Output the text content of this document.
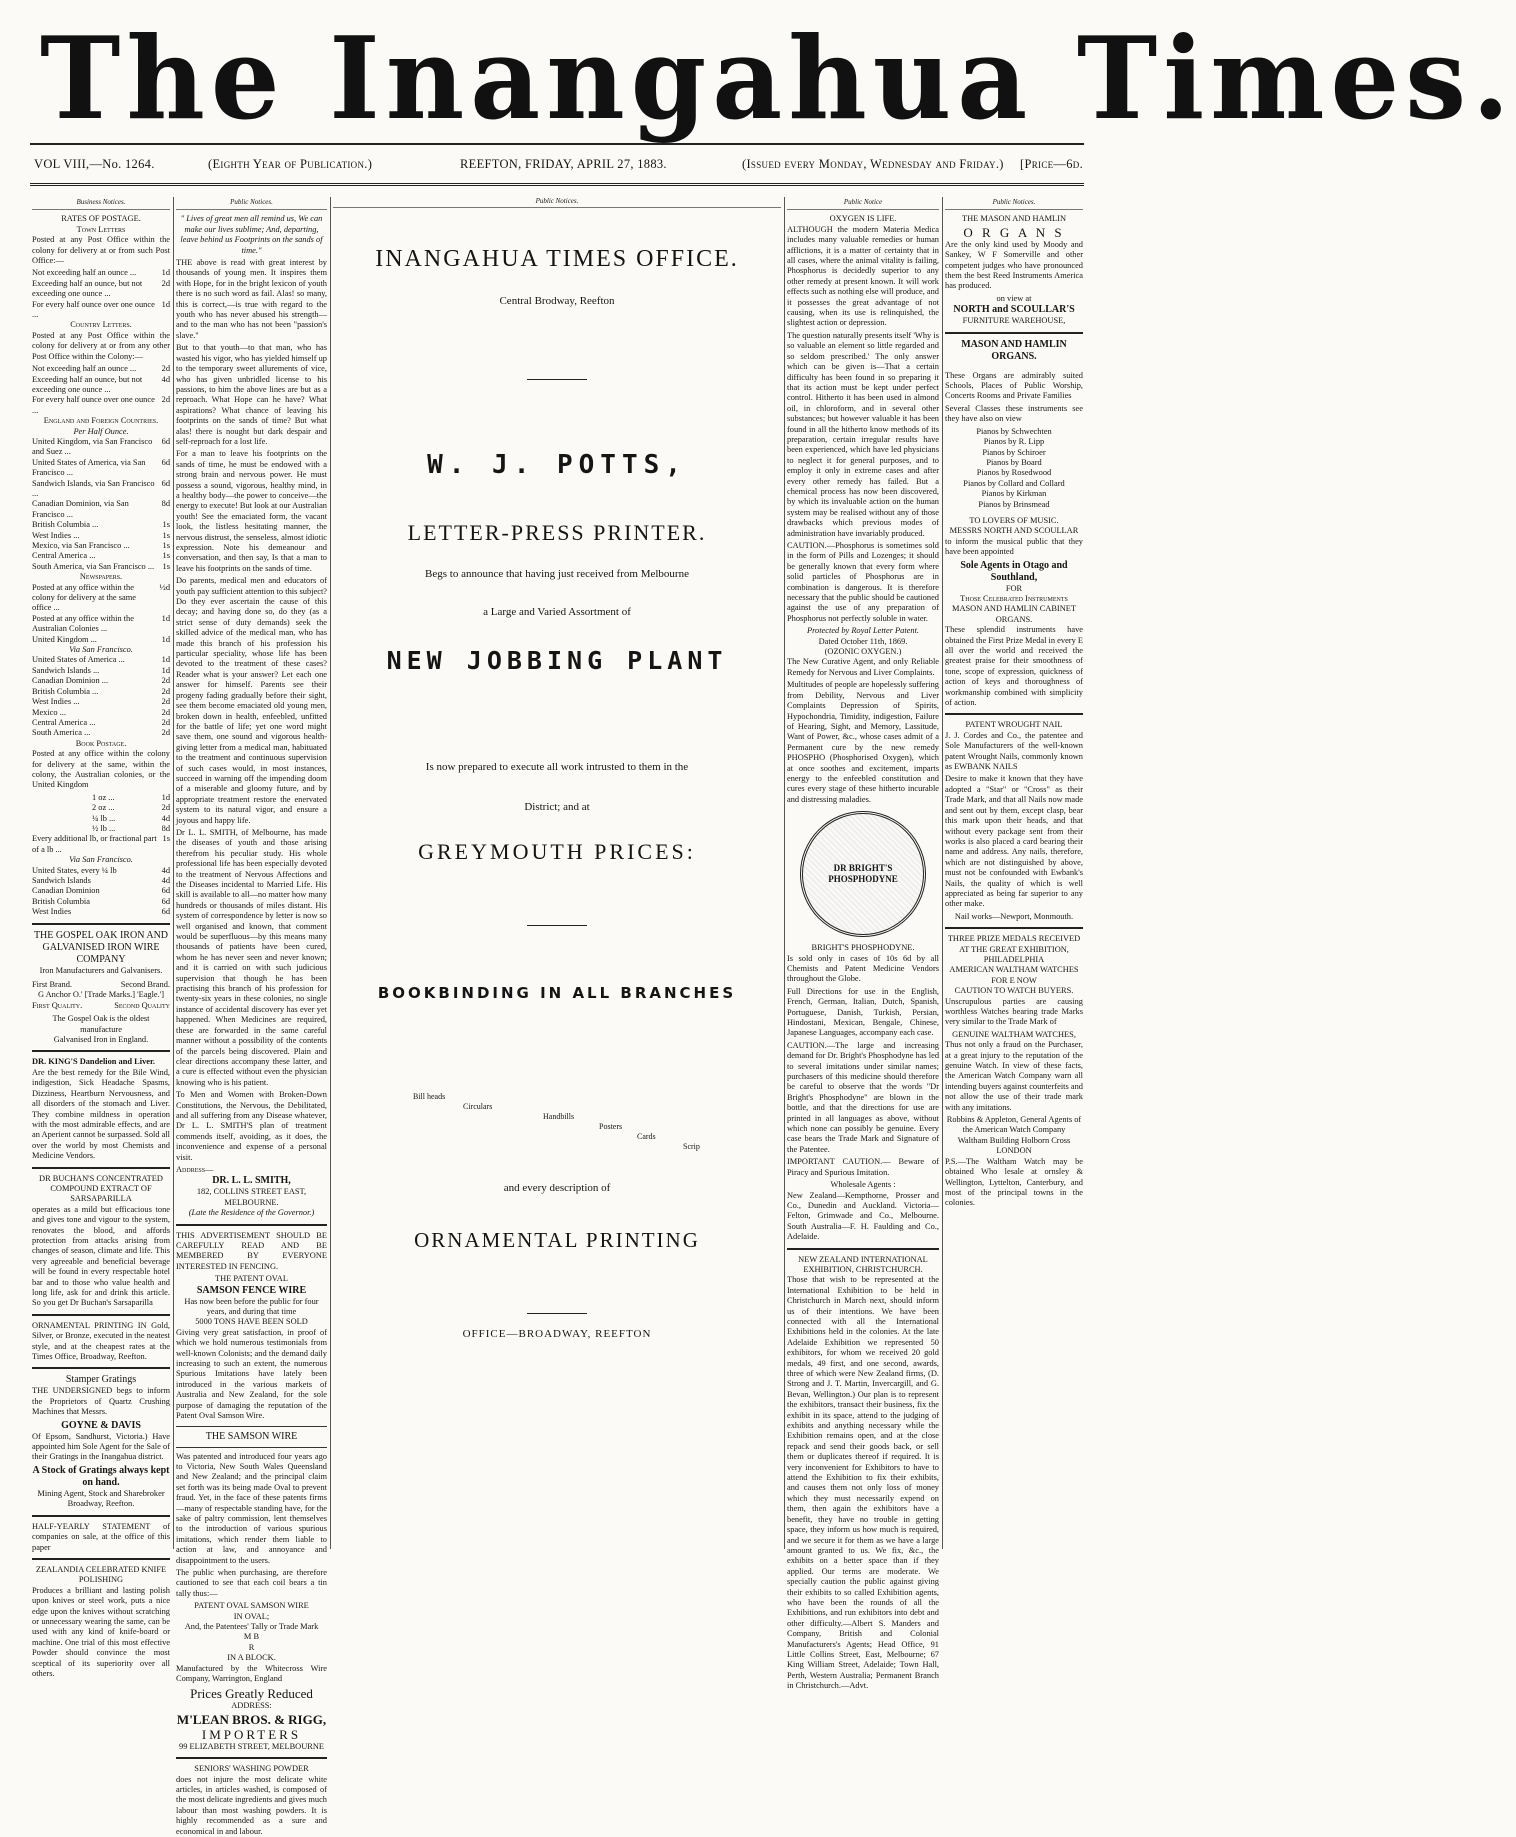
The Inangahua Times.
VOL VIII,—No. 1264.	(Eighth Year of Publication.)	REEFTON, FRIDAY, APRIL 27, 1883.	(Issued every Monday, Wednesday and Friday.) [Price—6d.
Business Notices.
RATES OF POSTAGE.
Town Letters

Posted at any Post Office within the colony for delivery at or from such Post Office:—

Not exceeding half an ounce ...	1d
Exceeding half an ounce, but not exceeding one ounce ...
2d
For every half ounce over one ounce ...
1d
Country Letters.

Posted at any Post Office within the colony for delivery at or from any other Post Office within the Colony:—

Not exceeding half an ounce ...	2d
Exceeding half an ounce, but not exceeding one ounce ...
4d
For every half ounce over one ounce ...
2d
England and Foreign Countries.
Per Half Ounce.
United Kingdom, via San Francisco and Suez ...
6d
United States of America, via San Francisco ...
6d
Sandwich Islands, via San Francisco ...
6d
Canadian Dominion, via San Francisco ...
8d
British Columbia ...	1s
West Indies ...	1s
Mexico, via San Francisco ...	1s
Central America ...	1s
South America, via San Francisco ...	1s
Newspapers.
Posted at any office within the colony for delivery at the same office ...
½d
Posted at any office within the Australian Colonies ...
1d
United Kingdom ...	1d
Via San Francisco.
United States of America ...	1d
Sandwich Islands ...	1d
Canadian Dominion ...	2d
British Columbia ...	2d
West Indies ...	2d
Mexico ...	2d
Central America ...	2d
South America ...	2d
Book Postage.

Posted at any office within the colony for delivery at the same, within the colony, the Australian colonies, or the United Kingdom

1 oz ...	1d
2 oz ...	2d
¼ lb ...	4d
½ lb ...	8d
Every additional lb, or fractional part of a lb ...
1s
Via San Francisco.
United States, every ¼ lb	4d
Sandwich Islands	4d
Canadian Dominion	6d
British Columbia	6d
West Indies	6d
THE GOSPEL OAK IRON AND GALVANISED IRON WIRE COMPANY
Iron Manufacturers and Galvanisers.
First Brand.	Second Brand.
G Anchor O.' [Trade Marks.] 'Eagle.']
First Quality.	Second Quality
The Gospel Oak is the oldest manufacture
Galvanised Iron in England.
DR. KING'S Dandelion and Liver.

Are the best remedy for the Bile Wind, indigestion, Sick Headache Spasms, Dizziness, Heartburn Nervousness, and all disorders of the stomach and Liver. They combine mildness in operation with the most admirable effects, and are an Aperient cannot be surpassed. Sold all over the world by most Chemists and Medicine Vendors.

DR BUCHAN'S CONCENTRATED COMPOUND EXTRACT OF SARSAPARILLA

operates as a mild but efficacious tone and gives tone and vigour to the system, renovates the blood, and affords protection from attacks arising from changes of season, climate and life. This very agreeable and beneficial beverage will be found in every respectable hotel bar and to those who value health and long life, ask for and drink this article. So you get Dr Buchan's Sarsaparilla

ORNAMENTAL PRINTING IN Gold, Silver, or Bronze, executed in the neatest style, and at the cheapest rates at the Times Office, Broadway, Reefton.

Stamper Gratings

THE UNDERSIGNED begs to inform the Proprietors of Quartz Crushing Machines that Messrs.

GOYNE & DAVIS

Of Epsom, Sandhurst, Victoria.) Have appointed him Sole Agent for the Sale of their Gratings in the Inangahua district.

A Stock of Gratings always kept on hand.
Mining Agent, Stock and Sharebroker Broadway, Reefton.

HALF-YEARLY STATEMENT of companies on sale, at the office of this paper

ZEALANDIA CELEBRATED KNIFE POLISHING

Produces a brilliant and lasting polish upon knives or steel work, puts a nice edge upon the knives without scratching or unnecessary wearing the same, can be used with any kind of knife-board or machine. One trial of this most effective Powder should convince the most sceptical of its superiority over all others.

Public Notices.

" Lives of great men all remind us, We can make our lives sublime; And, departing, leave behind us Footprints on the sands of time."

THE above is read with great interest by thousands of young men. It inspires them with Hope, for in the bright lexicon of youth there is no such word as fail. Alas! so many, this is correct,—is true with regard to the youth who has never abused his strength—and to the man who has not been "passion's slave."

But to that youth—to that man, who has wasted his vigor, who has yielded himself up to the temporary sweet allurements of vice, who has given unbridled license to his passions, to him the above lines are but as a reproach. What Hope can he have? What aspirations? What chance of leaving his footprints on the sands of time? But what alas! there is nought but dark despair and self-reproach for a lost life.

For a man to leave his footprints on the sands of time, he must be endowed with a strong brain and nervous power. He must possess a sound, vigorous, healthy mind, in a healthy body—the power to conceive—the energy to execute! But look at our Australian youth! See the emaciated form, the vacant look, the listless hesitating manner, the nervous distrust, the senseless, almost idiotic expression. Note his demeanour and conversation, and then say, Is that a man to leave his footprints on the sands of time.

Do parents, medical men and educators of youth pay sufficient attention to this subject? Do they ever ascertain the cause of this decay; and having done so, do they (as a strict sense of duty demands) seek the skilled advice of the medical man, who has made this branch of his profession his particular speciality, whose life has been devoted to the treatment of these cases? Reader what is your answer? Let each one answer for himself. Parents see their progeny fading gradually before their sight, see them become emaciated old young men, broken down in health, enfeebled, unfitted for the battle of life; yet one word might save them, one sound and vigorous health-giving letter from a medical man, habituated to the treatment and continuous supervision of such cases would, in most instances, succeed in warning off the impending doom of a miserable and gloomy future, and by appropriate treatment restore the enervated system to its natural vigor, and ensure a joyous and happy life.

Dr L. L. SMITH, of Melbourne, has made the diseases of youth and those arising therefrom his peculiar study. His whole professional life has been especially devoted to the treatment of Nervous Affections and the Diseases incidental to Married Life. His skill is available to all—no matter how many hundreds or thousands of miles distant. His system of correspondence by letter is now so well organised and known, that comment would be superfluous—by this means many thousands of patients have been cured, whom he has never seen and never known; and it is carried on with such judicious supervision that though he has been practising this branch of his profession for twenty-six years in these colonies, no single instance of accidental discovery has ever yet happened. When Medicines are required, these are forwarded in the same careful manner without a possibility of the contents of the parcels being discovered. Plain and clear directions accompany these latter, and a cure is effected without even the physician knowing who is his patient.

To Men and Women with Broken-Down Constitutions, the Nervous, the Debilitated, and all suffering from any Disease whatever, Dr L. L. SMITH'S plan of treatment commends itself, avoiding, as it does, the inconvenience and expense of a personal visit.

Address—
DR. L. L. SMITH,
182, COLLINS STREET EAST, MELBOURNE.
(Late the Residence of the Governor.)

THIS ADVERTISEMENT SHOULD BE CAREFULLY READ AND BE MEMBERED BY EVERYONE INTERESTED IN FENCING.

THE PATENT OVAL
SAMSON FENCE WIRE
Has now been before the public for four years, and during that time
5000 TONS HAVE BEEN SOLD

Giving very great satisfaction, in proof of which we hold numerous testimonials from well-known Colonists; and the demand daily increasing to such an extent, the numerous Spurious Imitations have lately been introduced in the various markets of Australia and New Zealand, for the sole purpose of damaging the reputation of the Patent Oval Samson Wire.

THE SAMSON WIRE

Was patented and introduced four years ago to Victoria, New South Wales Queensland and New Zealand; and the principal claim set forth was its being made Oval to prevent fraud. Yet, in the face of these patents firms—many of respectable standing have, for the sake of paltry commission, lent themselves to the introduction of various spurious imitations, which render them liable to action at law, and annoyance and disappointment to the users.

The public when purchasing, are therefore cautioned to see that each coil bears a tin tally thus:—

PATENT OVAL SAMSON WIRE
IN OVAL;
And, the Patentees' Tally or Trade Mark
M B
R
IN A BLOCK.

Manufactured by the Whitecross Wire Company, Warrington, England

Prices Greatly Reduced
ADDRESS:
M'LEAN BROS. & RIGG,
IMPORTERS
99 ELIZABETH STREET, MELBOURNE
SENIORS' WASHING POWDER

does not injure the most delicate white articles, in articles washed, is composed of the most delicate ingredients and gives much labour than most washing powders. It is highly recommended as a sure and economical in and labour.

Public Notices.
INANGAHUA TIMES OFFICE.
Central Brodway, Reefton
W. J. POTTS,
LETTER-PRESS PRINTER.
Begs to announce that having just received from Melbourne
a Large and Varied Assortment of
NEW JOBBING PLANT
Is now prepared to execute all work intrusted to them in the
District; and at
GREYMOUTH PRICES:
BOOKBINDING IN ALL BRANCHES
Bill heads
Circulars
Handbills
Posters
Cards
Scrip
and every description of
ORNAMENTAL PRINTING
OFFICE—BROADWAY, REEFTON
Public Notice
OXYGEN IS LIFE.

ALTHOUGH the modern Materia Medica includes many valuable remedies or human afflictions, it is a matter of certainty that in all cases, where the animal vitality is failing, Phosphorus is decidedly superior to any other remedy at present known. It will work effects such as nothing else will produce, and it possesses the great advantage of not causing, when its use is relinquished, the slightest action or depression.

The question naturally presents itself 'Why is so valuable an element so little regarded and so seldom prescribed.' The only answer which can be given is—That a certain difficulty has been found in so preparing it that its action must be kept under perfect control. Hitherto it has been used in almond oil, in chloroform, and in several other substances; but however valuable it has been found in all the hitherto know methods of its preparation, certain irregular results have been experienced, which have led physicians to neglect it for general purposes, and to employ it only in extreme cases and after every other remedy has failed. But a chemical process has now been discovered, by which its invaluable action on the human system may be realised without any of those drawbacks which previous modes of administration have invariably produced.

CAUTION.—Phosphorus is sometimes sold in the form of Pills and Lozenges; it should be generally known that every form where solid particles of Phosphorus are in combination is dangerous. It is therefore necessary that the public should be cautioned against the use of any preparation of Phosphorus not perfectly soluble in water.

Protected by Royal Letter Patent.
Dated October 11th, 1869.
(OZONIC OXYGEN.)

The New Curative Agent, and only Reliable Remedy for Nervous and Liver Complaints.

Multitudes of people are hopelessly suffering from Debility, Nervous and Liver Complaints Depression of Spirits, Hypochondria, Timidity, indigestion, Failure of Hearing, Sight, and Memory, Lassitude, Want of Power, &c., whose cases admit of a Permanent cure by the new remedy PHOSPHO (Phosphorised Oxygen), which at once soothes and excitement, imparts energy to the enfeebled constitution and cures every stage of these hitherto incurable and distressing maladies.

DR BRIGHT'S PHOSPHODYNE
BRIGHT'S PHOSPHODYNE.

Is sold only in cases of 10s 6d by all Chemists and Patent Medicine Vendors throughout the Globe.

Full Directions for use in the English, French, German, Italian, Dutch, Spanish, Portuguese, Danish, Turkish, Persian, Hindostani, Mexican, Bengale, Chinese, Japanese Languages, accompany each case.

CAUTION.—The large and increasing demand for Dr. Bright's Phosphodyne has led to several imitations under similar names; purchasers of this medicine should therefore be careful to observe that the words "Dr Bright's Phosphodyne" are blown in the bottle, and that the directions for use are printed in all languages as above, without which none can possibly be genuine. Every case bears the Trade Mark and Signature of the Patentee.

IMPORTANT CAUTION.— Beware of Piracy and Spurious Imitation.

Wholesale Agents :

New Zealand—Kempthorne, Prosser and Co., Dunedin and Auckland. Victoria—Felton, Grimwade and Co., Melbourne. South Australia—F. H. Faulding and Co., Adelaide.

NEW ZEALAND INTERNATIONAL EXHIBITION, CHRISTCHURCH.

Those that wish to be represented at the International Exhibition to be held in Christchurch in March next, should inform us of their intentions. We have been connected with all the International Exhibitions held in the colonies. At the late Adelaide Exhibition we represented 50 exhibitors, for whom we received 20 gold medals, 49 first, and one second, awards, three of which were New Zealand firms, (D. Strong and J. T. Martin, Invercargill, and G. Bevan, Wellington.) Our plan is to represent the exhibitors, transact their business, fix the exhibit in its space, attend to the judging of exhibits and anything necessary while the Exhibition remains open, and at the close repack and send their goods back, or sell them or duplicates thereof if required. It is very inconvenient for Exhibitors to have to attend the Exhibition to fix their exhibits, and causes them not only loss of money which they must necessarily expend on them, then again the exhibitors have a benefit, they have no trouble in getting space, they inform us how much is required, and we secure it for them as we have a large amount granted to us. We fix, &c., the exhibits on a better space than if they applied. Our terms are moderate. We specially caution the public against giving their exhibits to so called Exhibition agents, who have been the rounds of all the Exhibitions, and run exhibitors into debt and other difficulty.—Albert S. Manders and Company, British and Colonial Manufacturers's Agents; Head Office, 91 Little Collins Street, East, Melbourne; 67 King William Street, Adelaide; Town Hall, Perth, Western Australia; Permanent Branch in Christchurch.—Advt.

Public Notices.
THE MASON AND HAMLIN
O R G A N S

Are the only kind used by Moody and Sankey, W F Somerville and other competent judges who have pronounced them the best Reed Instruments America has produced.

on view at
NORTH and SCOULLAR'S
FURNITURE WAREHOUSE,
MASON AND HAMLIN
ORGANS.

These Organs are admirably suited Schools, Places of Public Worship, Concerts Rooms and Private Families

Several Classes these instruments see they have also on view

Pianos by Schwechten
Pianos by R. Lipp
Pianos by Schiroer
Pianos by Board
Pianos by Rosedwood
Pianos by Collard and Collard
Pianos by Kirkman
Pianos by Brinsmead
TO LOVERS OF MUSIC.
MESSRS NORTH AND SCOULLAR

to inform the musical public that they have been appointed

Sole Agents in Otago and Southland,
FOR
Those Celebrated Instruments
MASON AND HAMLIN CABINET ORGANS.

These splendid instruments have obtained the First Prize Medal in every E all over the world and received the greatest praise for their smoothness of tone, scope of expression, quickness of action of keys and thoroughness of workmanship combined with simplicity of action.

PATENT WROUGHT NAIL

J. J. Cordes and Co., the patentee and Sole Manufacturers of the well-known patent Wrought Nails, commonly known as EWBANK NAILS

Desire to make it known that they have adopted a "Star" or "Cross" as their Trade Mark, and that all Nails now made and sent out by them, except clasp, bear this mark upon their heads, and that without every package sent from their works is also placed a card bearing their name and address. Any nails, therefore, which are not distinguished by above, must not be confounded with Ewbank's Nails, the quality of which is well appreciated as being far superior to any other make.

Nail works—Newport, Monmouth.
THREE PRIZE MEDALS RECEIVED AT THE GREAT EXHIBITION, PHILADELPHIA
AMERICAN WALTHAM WATCHES FOR E NOW
CAUTION TO WATCH BUYERS.

Unscrupulous parties are causing worthless Watches bearing trade Marks very similar to the Trade Mark of

GENUINE WALTHAM WATCHES,

Thus not only a fraud on the Purchaser, at a great injury to the reputation of the genuine Watch. In view of these facts, the American Watch Company warn all intending buyers against counterfeits and not allow the use of their trade mark with any imitations.

Robbins & Appleton, General Agents of the American Watch Company
Waltham Building Holborn Cross LONDON

P.S.—The Waltham Watch may be obtained Who lesale at ornsley & Wellington, Lyttelton, Canterbury, and most of the principal towns in the colonies.
